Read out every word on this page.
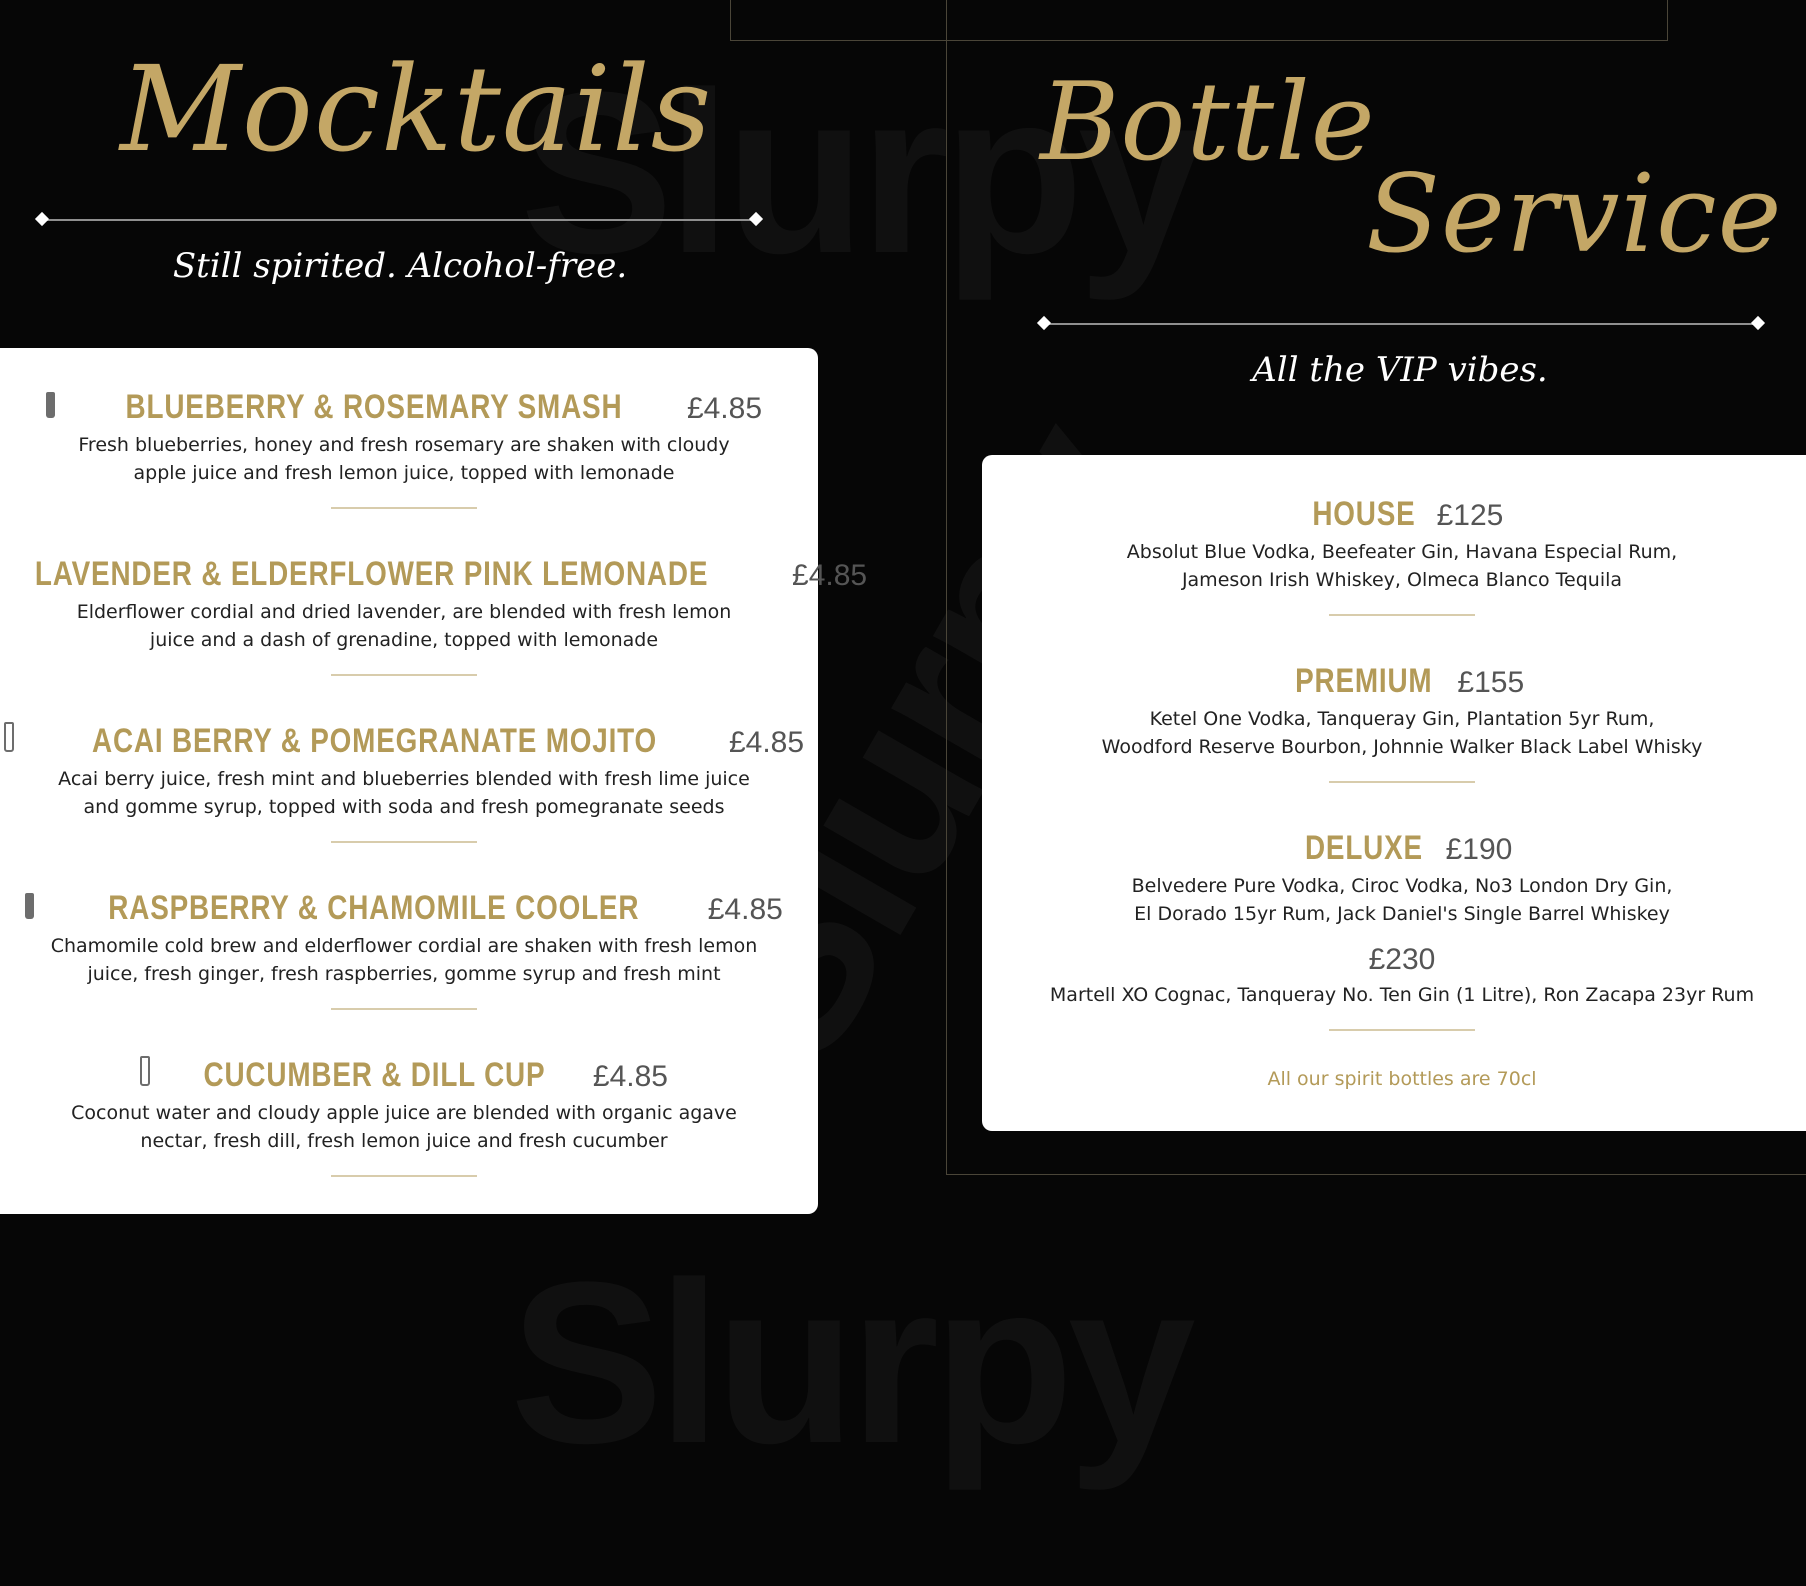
Mocktails
Still spirited. Alcohol-free.
BLUEBERRY & ROSEMARY SMASH £4.85
Fresh blueberries, honey and fresh rosemary are shaken with cloudy
apple juice and fresh lemon juice, topped with lemonade
LAVENDER & ELDERFLOWER PINK LEMONADE	£4.85
Elderflower cordial and dried lavender, are blended with fresh lemon
juice and a dash of grenadine, topped with lemonade
ACAI BERRY & POMEGRANATE MOJITO £4.85
Acai berry juice, fresh mint and blueberries blended with fresh lime juice
and gomme syrup, topped with soda and fresh pomegranate seeds
RASPBERRY & CHAMOMILE COOLER £4.85
Chamomile cold brew and elderflower cordial are shaken with fresh lemon
juice, fresh ginger, fresh raspberries, gomme syrup and fresh mint
CUCUMBER & DILL CUP £4.85
Coconut water and cloudy apple juice are blended with organic agave
nectar, fresh dill, fresh lemon juice and fresh cucumber
Bottle
Service
All the VIP vibes.
HOUSE £125
Absolut Blue Vodka, Beefeater Gin, Havana Especial Rum,
Jameson Irish Whiskey, Olmeca Blanco Tequila
PREMIUM £155
Ketel One Vodka, Tanqueray Gin, Plantation 5yr Rum,
Woodford Reserve Bourbon, Johnnie Walker Black Label Whisky
DELUXE £190
Belvedere Pure Vodka, Ciroc Vodka, No3 London Dry Gin,
El Dorado 15yr Rum, Jack Daniel's Single Barrel Whiskey
£230
Martell XO Cognac, Tanqueray No. Ten Gin (1 Litre), Ron Zacapa 23yr Rum
All our spirit bottles are 70cl
